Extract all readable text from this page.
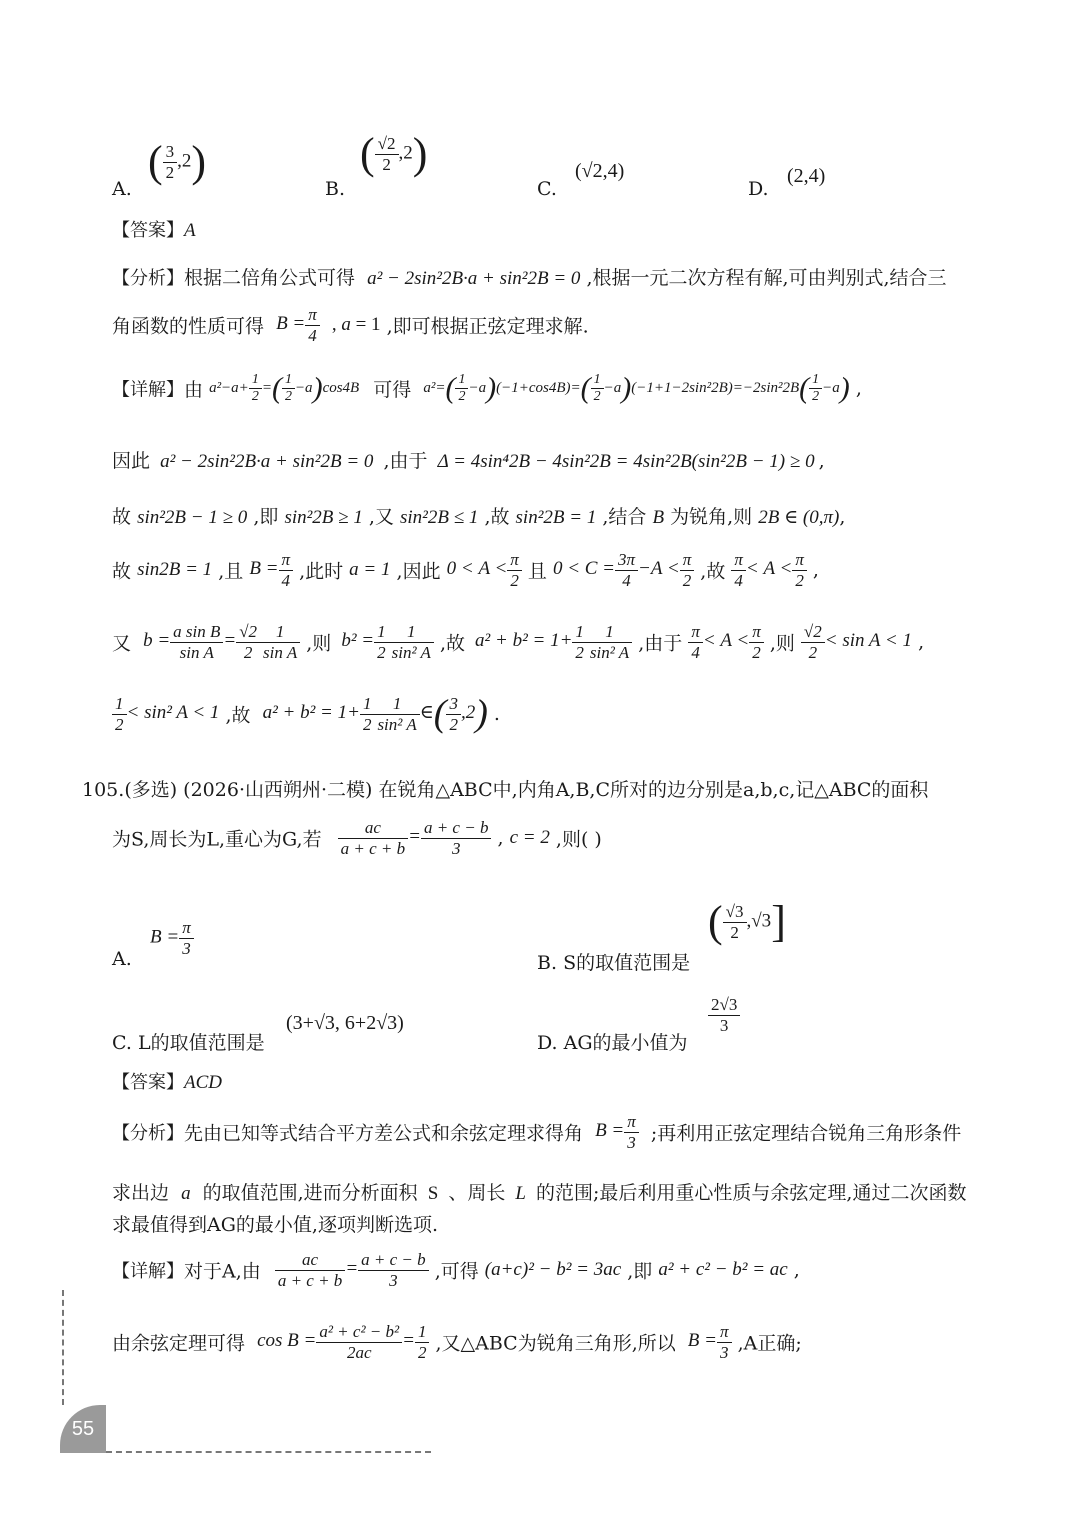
A.
( $\frac{3}{2} ,2$)
B.
( $\frac{√2}{2} ,2$)
C.
(√2,4)
D.
(2,4)
【答案】A
【分析】根据二倍角公式可得 a² − 2sin²2B·a + sin²2B = 0 ,根据一元二次方程有解,可由判别式,结合三
角函数的性质可得 $B = \frac{\pi}{4}$ , a = 1 ,即可根据正弦定理求解.
【详解】由 $a^2-a+ \frac{1}{2}$ =( $\frac{1}{2} -a)\cos 4B$ 可得 $a^2=( \frac{1}{2} -a)(-1+\cos 4B)=( \frac{1}{2} -a)(-1+1-2\sin^22B)=-2\sin^22B( \frac{1}{2} -a)$ ,
因此 a² − 2sin²2B·a + sin²2B = 0 ,由于 Δ = 4sin⁴2B − 4sin²2B = 4sin²2B(sin²2B − 1) ≥ 0 ,
故 sin²2B − 1 ≥ 0 ,即 sin²2B ≥ 1 ,又 sin²2B ≤ 1 ,故 sin²2B = 1 ,结合 B 为锐角,则 2B ∈ (0,π),
故 sin2B = 1 ,且 $B = \frac{\pi}{4}$ ,此时 a = 1 ,因此 $0 < A < \frac{\pi}{2}$ 且 $0 < C = \frac{3\pi}{4} -A < \frac{\pi}{2}$ ,故 $\frac{\pi}{4} < A < \frac{\pi}{2}$ ,
又 $b = \frac{\text{a sin B}}{\text{sin A}} = \frac{√2}{2} \frac{1}{\text{sin A}}$ ,则 $b^2 = \frac{1}{2} \frac{1}{\text{sin² A}}$ ,故 $a^2 + b^2 = 1+ \frac{1}{2} \frac{1}{\text{sin² A}}$ ,由于 $\frac{\pi}{4} < A < \frac{\pi}{2}$ ,则 $\frac{√2}{2} < \sin A < 1$ ,
$\frac{1}{2} < \sin^2$ A < 1 ,故 $a^2 + b^2 = 1+ \frac{1}{2} \frac{1}{\text{sin² A}}$ ∈( $\frac{3}{2} ,2$) .
105.(多选) (2026·山西朔州·二模) 在锐角△ABC中,内角A,B,C所对的边分别是a,b,c,记△ABC的面积
为S,周长为L,重心为G,若 $\frac{ac}{a + c + b} = \frac{a + c - b}{3}$ , c = 2 ,则( )
A.
$B = \frac{\pi}{3}$
B. S的取值范围是
( $\frac{√3}{2} ,√3$]
C. L的取值范围是
(3+√3, 6+2√3)
D. AG的最小值为
$\frac{2√3}{3}$
【答案】ACD
【分析】先由已知等式结合平方差公式和余弦定理求得角 $B = \frac{\pi}{3}$ ;再利用正弦定理结合锐角三角形条件
求出边 a 的取值范围,进而分析面积 S 、周长 L 的范围;最后利用重心性质与余弦定理,通过二次函数
求最值得到AG的最小值,逐项判断选项.
【详解】对于A,由 $\frac{ac}{a + c + b} = \frac{a + c - b}{3}$ ,可得 (a+c)² − b² = 3ac ,即 a² + c² − b² = ac ,
由余弦定理可得 $\cos B = \frac{\text{a² + c² − b²}}{2ac} = \frac{1}{2}$ ,又△ABC为锐角三角形,所以 $B = \frac{\pi}{3} ,A$正确;
55
